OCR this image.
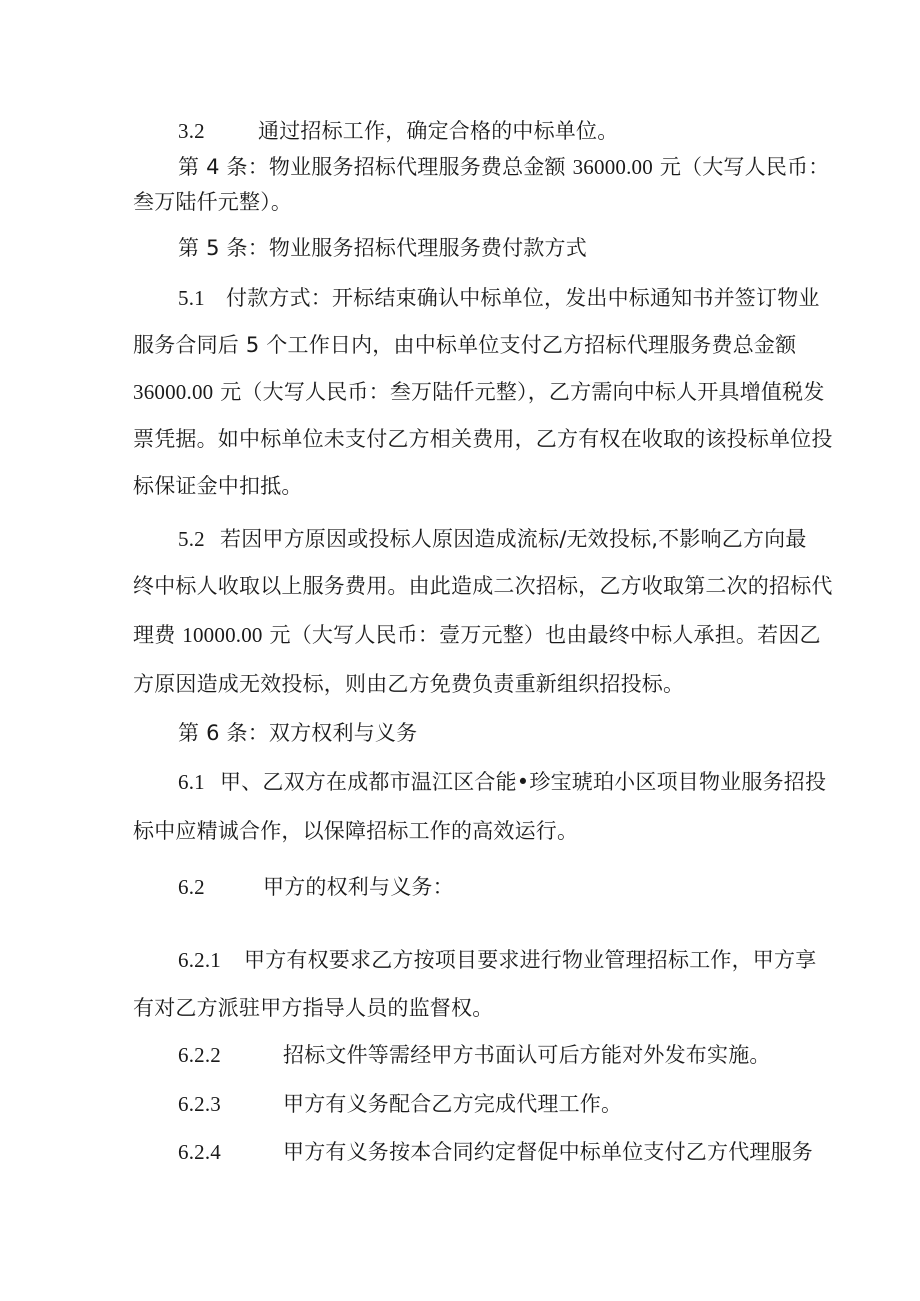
3.2	通过招标工作，确定合格的中标单位。
第 4 条：物业服务招标代理服务费总金额 36000.00 元（大写人民币：
叁万陆仟元整）。
第 5 条：物业服务招标代理服务费付款方式
5.1 付款方式：开标结束确认中标单位，发出中标通知书并签订物业
服务合同后 5 个工作日内，由中标单位支付乙方招标代理服务费总金额
36000.00 元（大写人民币：叁万陆仟元整），乙方需向中标人开具增值税发
票凭据。如中标单位未支付乙方相关费用，乙方有权在收取的该投标单位投
标保证金中扣抵。
5.2 若因甲方原因或投标人原因造成流标/无效投标,不影响乙方向最
终中标人收取以上服务费用。由此造成二次招标，乙方收取第二次的招标代
理费 10000.00 元（大写人民币：壹万元整）也由最终中标人承担。若因乙
方原因造成无效投标，则由乙方免费负责重新组织招投标。
第 6 条：双方权利与义务
6.1 甲、乙双方在成都市温江区合能•珍宝琥珀小区项目物业服务招投
标中应精诚合作，以保障招标工作的高效运行。
6.2	甲方的权利与义务：
6.2.1 甲方有权要求乙方按项目要求进行物业管理招标工作，甲方享
有对乙方派驻甲方指导人员的监督权。
6.2.2	招标文件等需经甲方书面认可后方能对外发布实施。
6.2.3	甲方有义务配合乙方完成代理工作。
6.2.4	甲方有义务按本合同约定督促中标单位支付乙方代理服务
